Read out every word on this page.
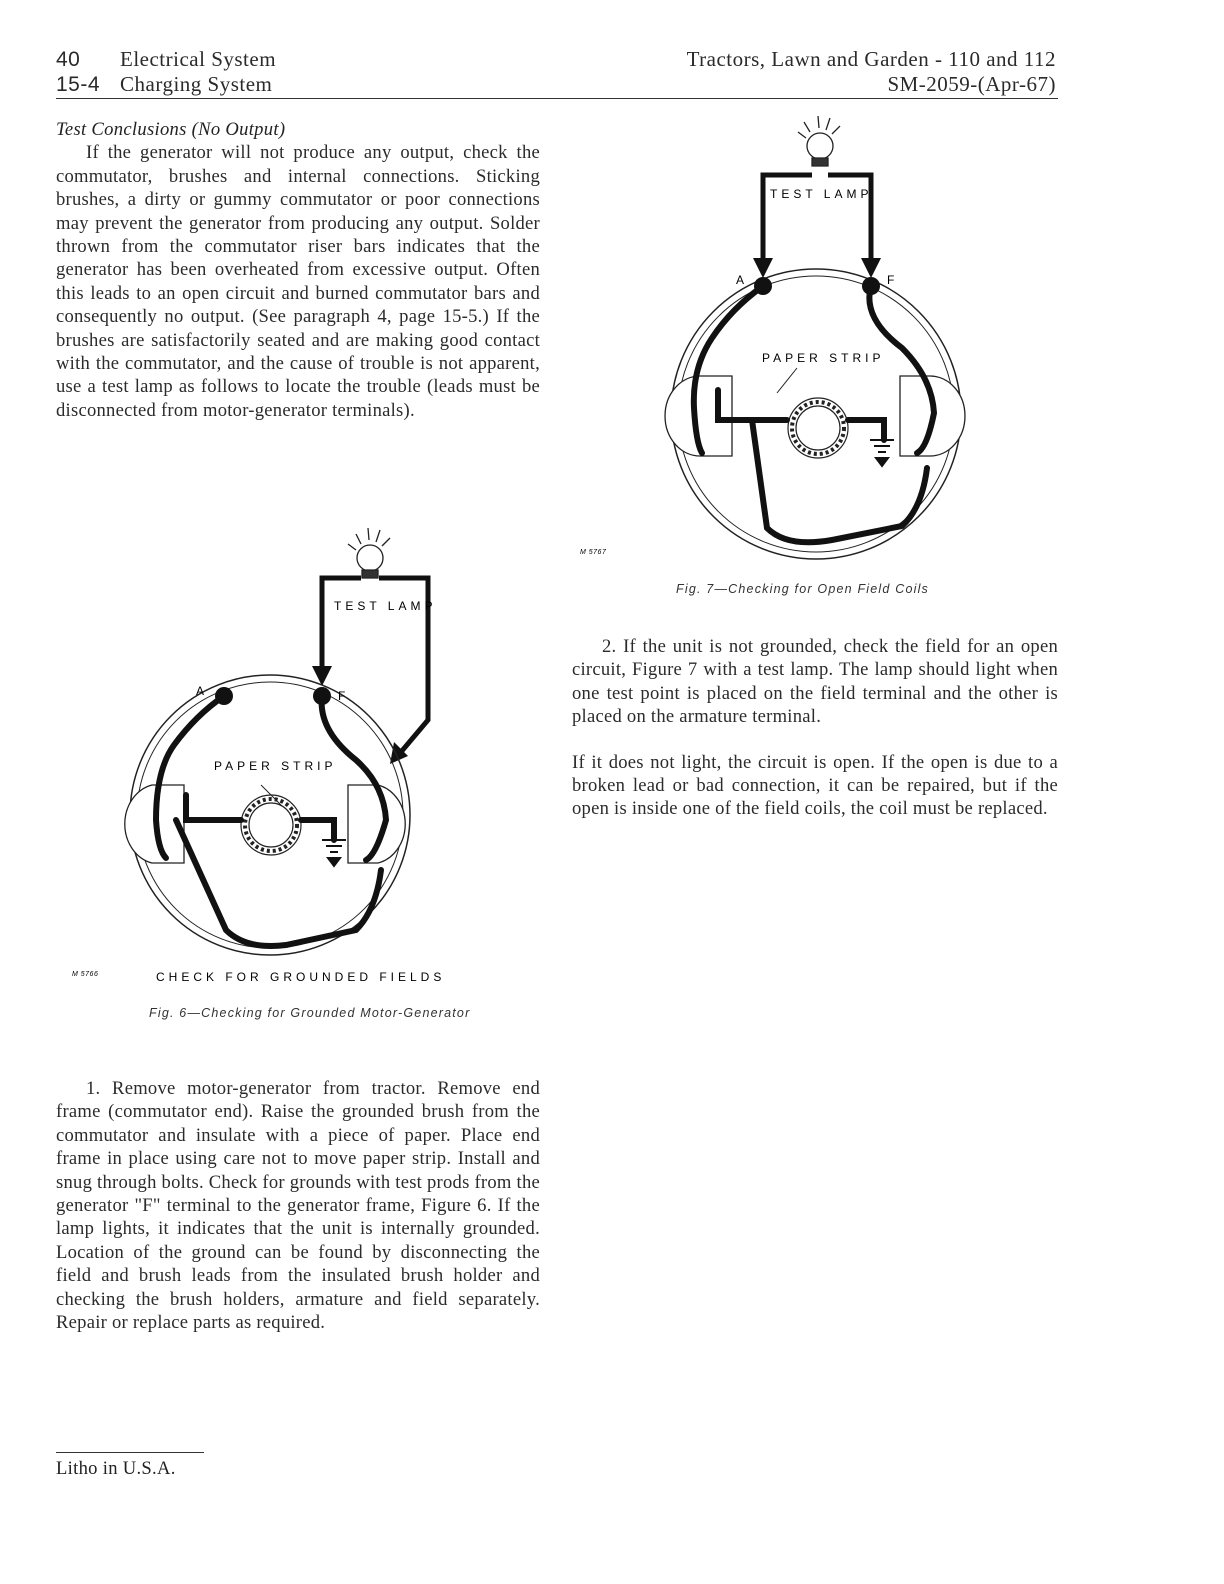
40 Electrical System
15-4 Charging System
Tractors, Lawn and Garden - 110 and 112
SM-2059-(Apr-67)
Test Conclusions (No Output)

If the generator will not produce any output, check the commutator, brushes and internal connections. Sticking brushes, a dirty or gummy commutator or poor connections may prevent the generator from producing any output. Solder thrown from the commutator riser bars indicates that the generator has been overheated from excessive output. Often this leads to an open circuit and burned commutator bars and consequently no output. (See paragraph 4, page 15-5.) If the brushes are satisfactorily seated and are making good contact with the commutator, and the cause of trouble is not apparent, use a test lamp as follows to locate the trouble (leads must be disconnected from motor-generator terminals).

TEST LAMP
PAPER STRIP
A	F
M 5766	CHECK FOR GROUNDED FIELDS
Fig. 6—Checking for Grounded Motor-Generator

1. Remove motor-generator from tractor. Remove end frame (commutator end). Raise the grounded brush from the commutator and insulate with a piece of paper. Place end frame in place using care not to move paper strip. Install and snug through bolts. Check for grounds with test prods from the generator "F" terminal to the generator frame, Figure 6. If the lamp lights, it indicates that the unit is internally grounded. Location of the ground can be found by disconnecting the field and brush leads from the insulated brush holder and checking the brush holders, armature and field separately. Repair or replace parts as required.

TEST LAMP
PAPER STRIP
A	F
M 5767
Fig. 7—Checking for Open Field Coils

2. If the unit is not grounded, check the field for an open circuit, Figure 7 with a test lamp. The lamp should light when one test point is placed on the field terminal and the other is placed on the armature terminal.

If it does not light, the circuit is open. If the open is due to a broken lead or bad connection, it can be repaired, but if the open is inside one of the field coils, the coil must be replaced.

Litho in U.S.A.
